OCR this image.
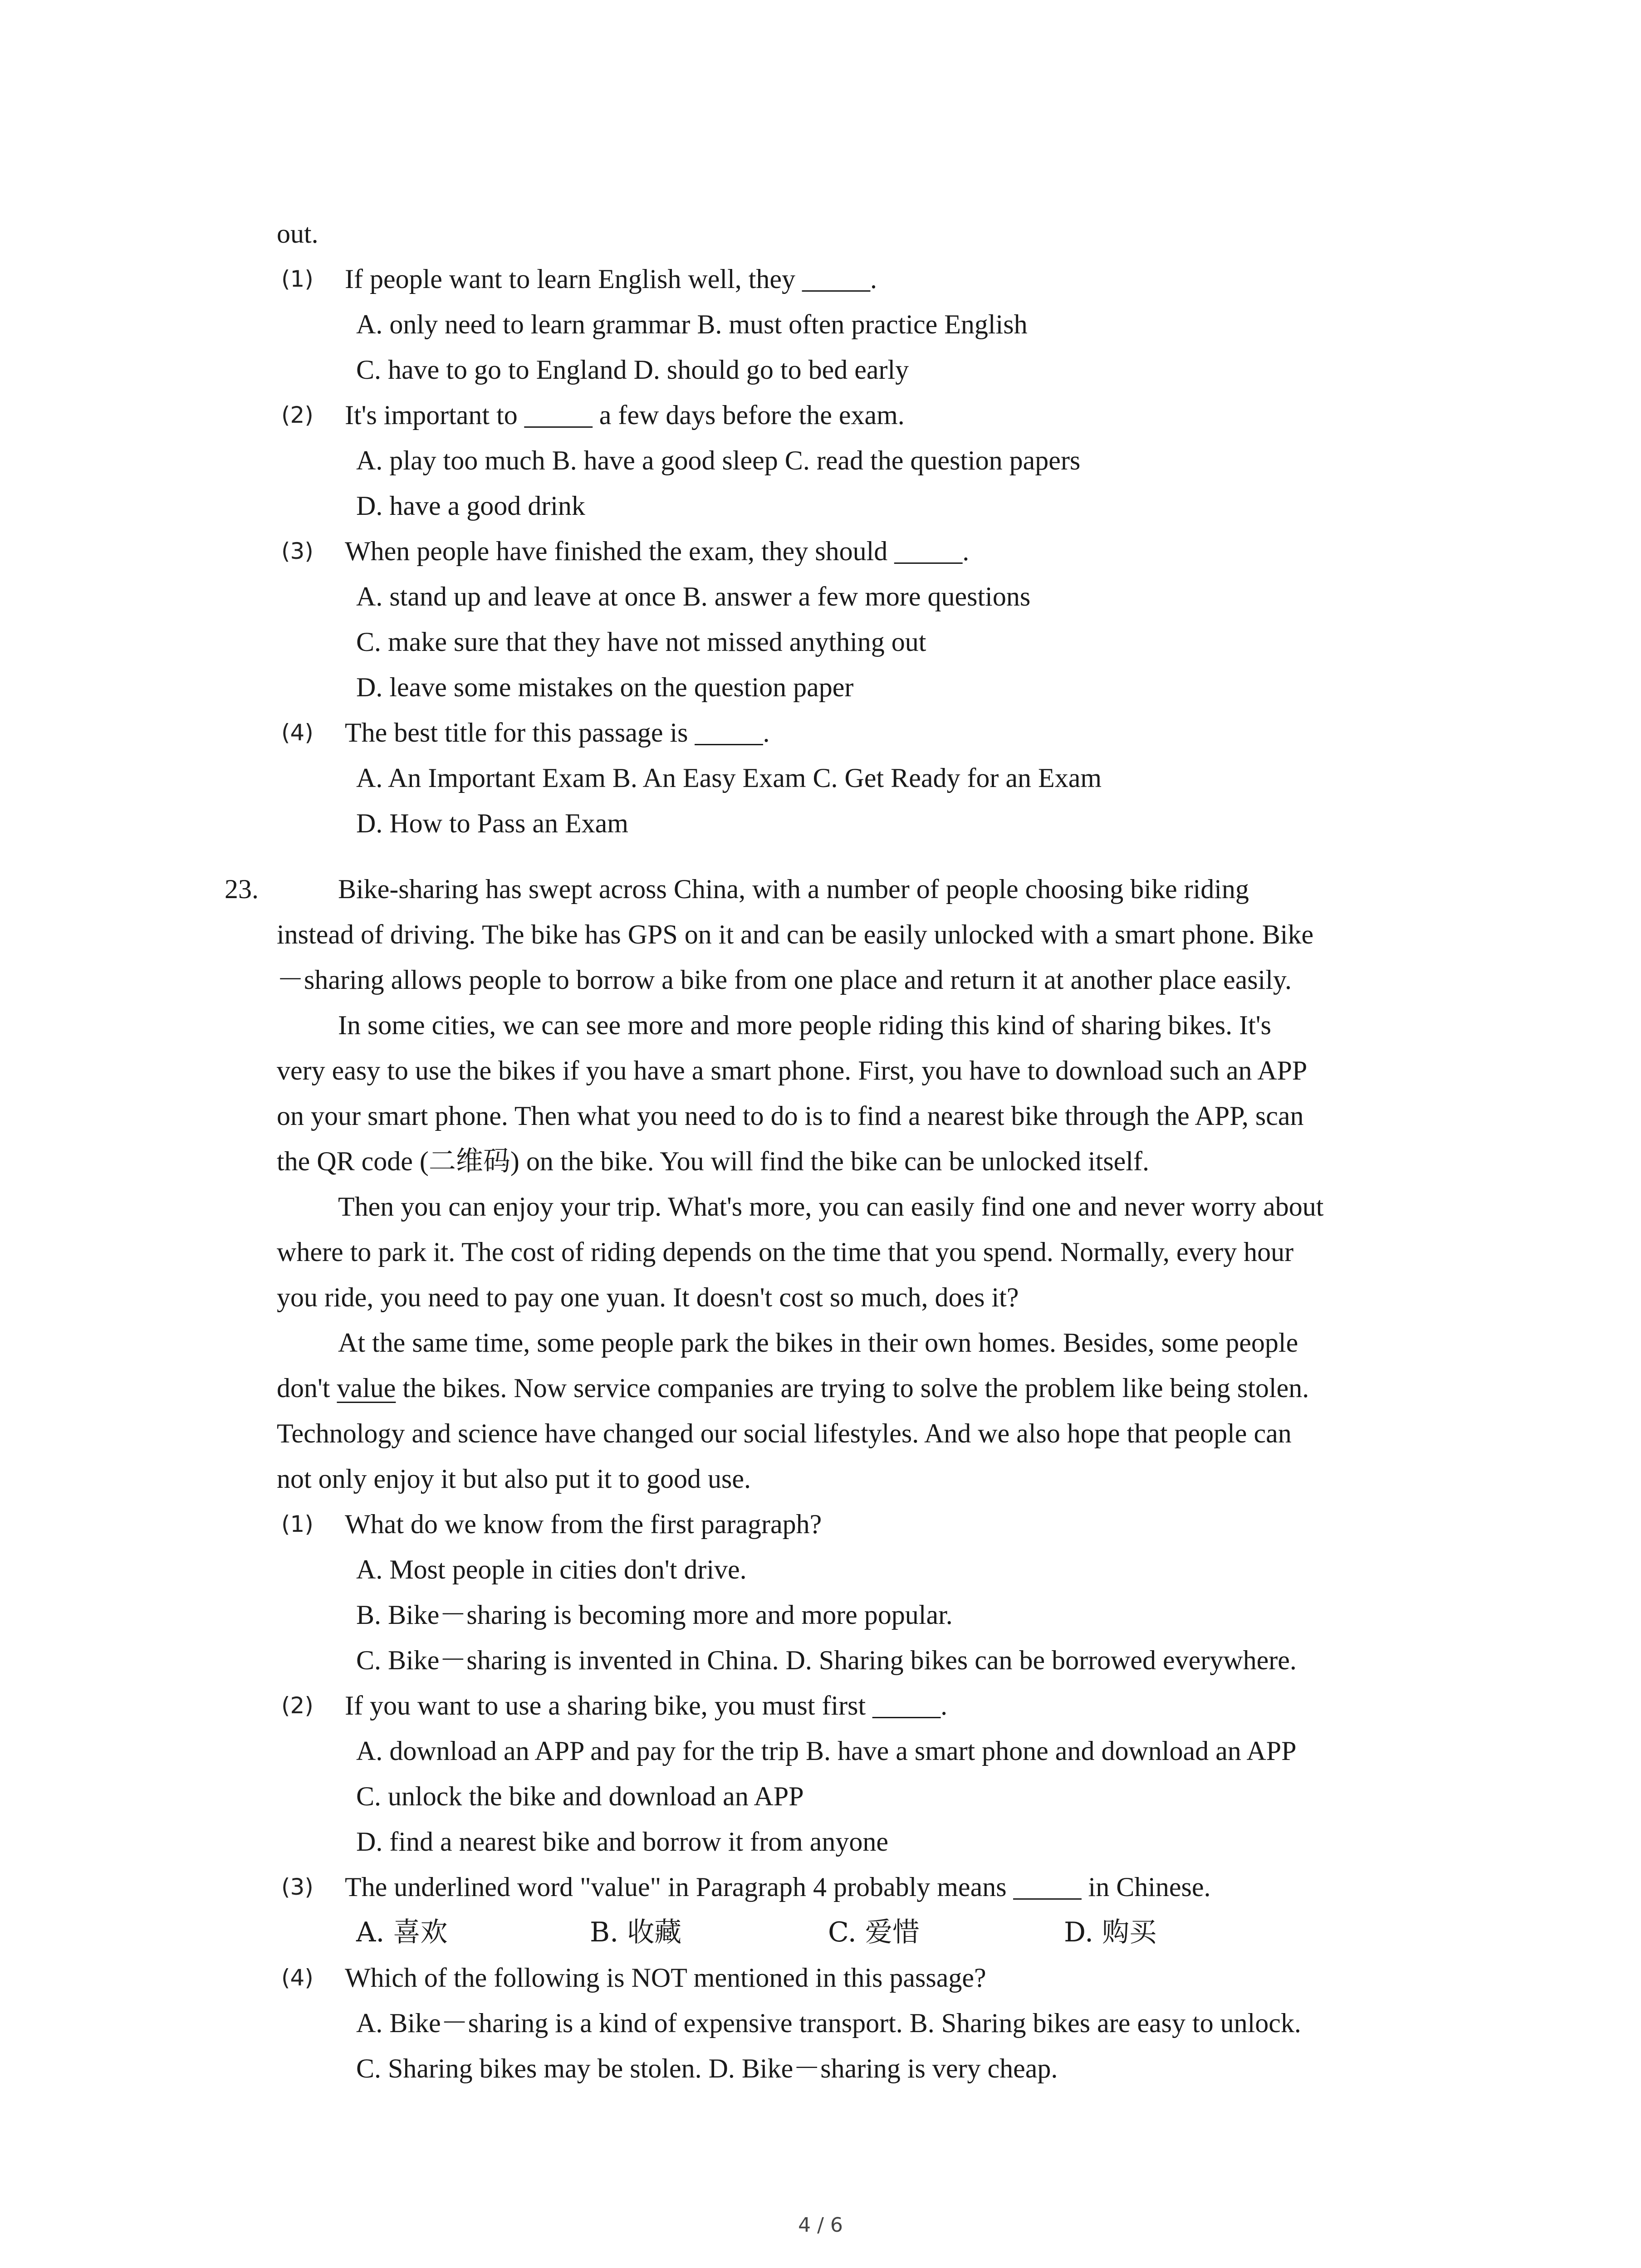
out.
(1) If people want to learn English well, they _____.
A. only need to learn grammar B. must often practice English
C. have to go to England D. should go to bed early
(2) It's important to _____ a few days before the exam.
A. play too much B. have a good sleep C. read the question papers
D. have a good drink
(3) When people have finished the exam, they should _____.
A. stand up and leave at once B. answer a few more questions
C. make sure that they have not missed anything out
D. leave some mistakes on the question paper
(4) The best title for this passage is _____.
A. An Important Exam B. An Easy Exam C. Get Ready for an Exam
D. How to Pass an Exam
23.	Bike-sharing has swept across China, with a number of people choosing bike riding
instead of driving. The bike has GPS on it and can be easily unlocked with a smart phone. Bike
－sharing allows people to borrow a bike from one place and return it at another place easily.
In some cities, we can see more and more people riding this kind of sharing bikes. It's
very easy to use the bikes if you have a smart phone. First, you have to download such an APP
on your smart phone. Then what you need to do is to find a nearest bike through the APP, scan
the QR code (二维码) on the bike. You will find the bike can be unlocked itself.
Then you can enjoy your trip. What's more, you can easily find one and never worry about
where to park it. The cost of riding depends on the time that you spend. Normally, every hour
you ride, you need to pay one yuan. It doesn't cost so much, does it?
At the same time, some people park the bikes in their own homes. Besides, some people
don't value the bikes. Now service companies are trying to solve the problem like being stolen.
Technology and science have changed our social lifestyles. And we also hope that people can
not only enjoy it but also put it to good use.
(1) What do we know from the first paragraph?
A. Most people in cities don't drive.
B. Bike－sharing is becoming more and more popular.
C. Bike－sharing is invented in China. D. Sharing bikes can be borrowed everywhere.
(2) If you want to use a sharing bike, you must first _____.
A. download an APP and pay for the trip B. have a smart phone and download an APP
C. unlock the bike and download an APP
D. find a nearest bike and borrow it from anyone
(3) The underlined word "value" in Paragraph 4 probably means _____ in Chinese.
A. 喜欢	B. 收藏	C. 爱惜	D. 购买
(4) Which of the following is NOT mentioned in this passage?
A. Bike－sharing is a kind of expensive transport. B. Sharing bikes are easy to unlock.
C. Sharing bikes may be stolen. D. Bike－sharing is very cheap.
4 / 6
